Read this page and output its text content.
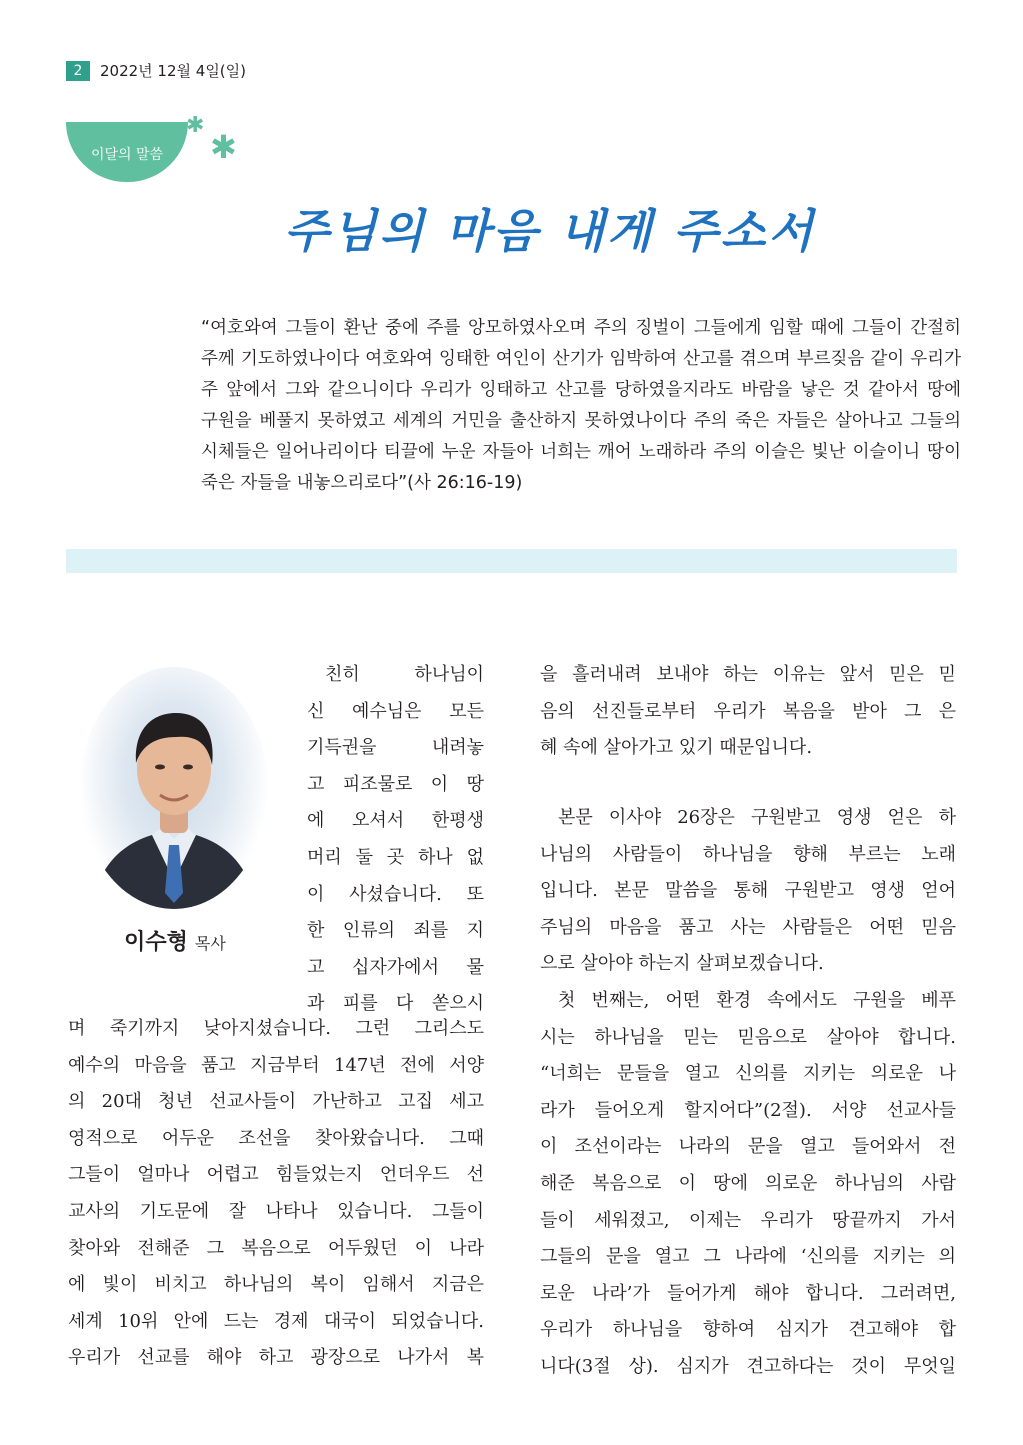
2	2022년 12월 4일(일)
이달의 말씀
✱
✱
주님의 마음 내게 주소서

“여호와여 그들이 환난 중에 주를 앙모하였사오며 주의 징벌이 그들에게 임할 때에 그들이 간절히 주께 기도하였나이다 여호와여 잉태한 여인이 산기가 임박하여 산고를 겪으며 부르짖음 같이 우리가 주 앞에서 그와 같으니이다 우리가 잉태하고 산고를 당하였을지라도 바람을 낳은 것 같아서 땅에 구원을 베풀지 못하였고 세계의 거민을 출산하지 못하였나이다 주의 죽은 자들은 살아나고 그들의 시체들은 일어나리이다 티끌에 누운 자들아 너희는 깨어 노래하라 주의 이슬은 빛난 이슬이니 땅이 죽은 자들을 내놓으리로다”(사 26:16-19)

이수형 목사

친히 하나님이
신 예수님은 모든
기득권을 내려놓
고 피조물로 이 땅
에 오셔서 한평생
머리 둘 곳 하나 없
이 사셨습니다. 또
한 인류의 죄를 지
고 십자가에서 물
과 피를 다 쏟으시

며 죽기까지 낮아지셨습니다. 그런 그리스도
예수의 마음을 품고 지금부터 147년 전에 서양
의 20대 청년 선교사들이 가난하고 고집 세고
영적으로 어두운 조선을 찾아왔습니다. 그때
그들이 얼마나 어렵고 힘들었는지 언더우드 선
교사의 기도문에 잘 나타나 있습니다. 그들이
찾아와 전해준 그 복음으로 어두웠던 이 나라
에 빛이 비치고 하나님의 복이 임해서 지금은
세계 10위 안에 드는 경제 대국이 되었습니다.
우리가 선교를 해야 하고 광장으로 나가서 복

을 흘러내려 보내야 하는 이유는 앞서 믿은 믿
음의 선진들로부터 우리가 복음을 받아 그 은
혜 속에 살아가고 있기 때문입니다.

본문 이사야 26장은 구원받고 영생 얻은 하
나님의 사람들이 하나님을 향해 부르는 노래
입니다. 본문 말씀을 통해 구원받고 영생 얻어
주님의 마음을 품고 사는 사람들은 어떤 믿음
으로 살아야 하는지 살펴보겠습니다.
첫 번째는, 어떤 환경 속에서도 구원을 베푸
시는 하나님을 믿는 믿음으로 살아야 합니다.
“너희는 문들을 열고 신의를 지키는 의로운 나
라가 들어오게 할지어다”(2절). 서양 선교사들
이 조선이라는 나라의 문을 열고 들어와서 전
해준 복음으로 이 땅에 의로운 하나님의 사람
들이 세워졌고, 이제는 우리가 땅끝까지 가서
그들의 문을 열고 그 나라에 ‘신의를 지키는 의
로운 나라’가 들어가게 해야 합니다. 그러려면,
우리가 하나님을 향하여 심지가 견고해야 합
니다(3절 상). 심지가 견고하다는 것이 무엇일
